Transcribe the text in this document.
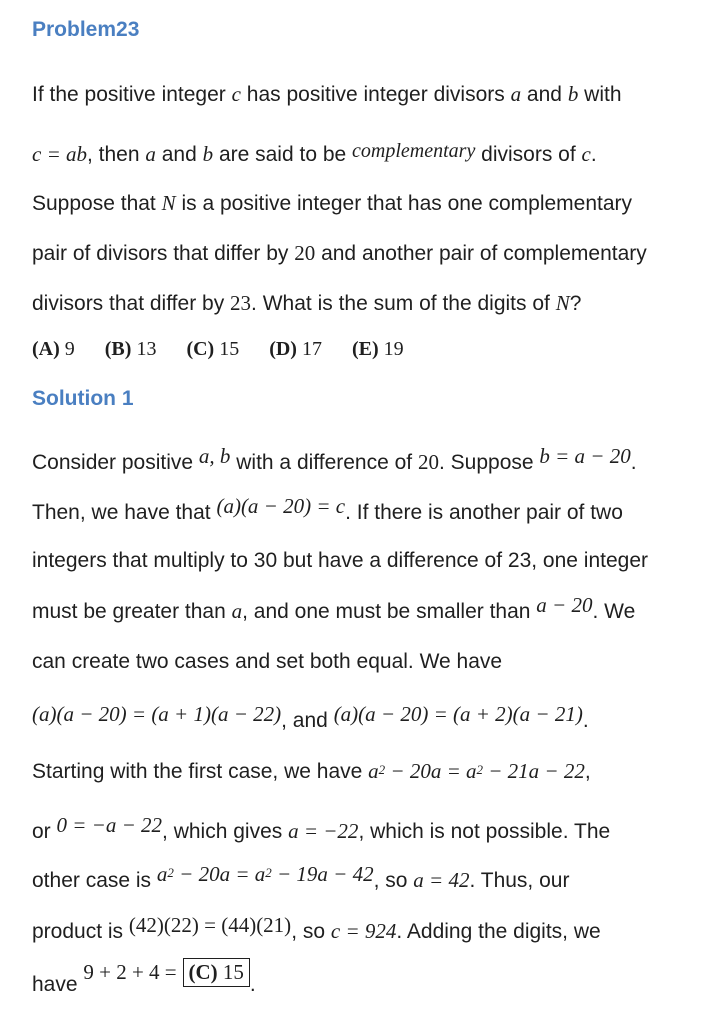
Problem23
If the positive integer c has positive integer divisors a and b with
c = ab, then a and b are said to be complementary divisors of c.
Suppose that N is a positive integer that has one complementary
pair of divisors that differ by 20 and another pair of complementary
divisors that differ by 23. What is the sum of the digits of N?
(A) 9 (B) 13 (C) 15 (D) 17 (E) 19
Solution 1
Consider positive a, b with a difference of 20. Suppose b = a − 20.
Then, we have that (a)(a − 20) = c. If there is another pair of two
integers that multiply to 30 but have a difference of 23, one integer
must be greater than a, and one must be smaller than a − 20. We
can create two cases and set both equal. We have
(a)(a − 20) = (a + 1)(a − 22), and (a)(a − 20) = (a + 2)(a − 21).
Starting with the first case, we have $a^2 - 20a = a^2 - 21a - 22$,
or 0 = −a − 22, which gives a = −22, which is not possible. The
other case is $a^2 - 20a = a^2 - 19a - 42$, so a = 42. Thus, our
product is (42)(22) = (44)(21), so c = 924. Adding the digits, we
have 9 + 2 + 4 = (C) 15.
